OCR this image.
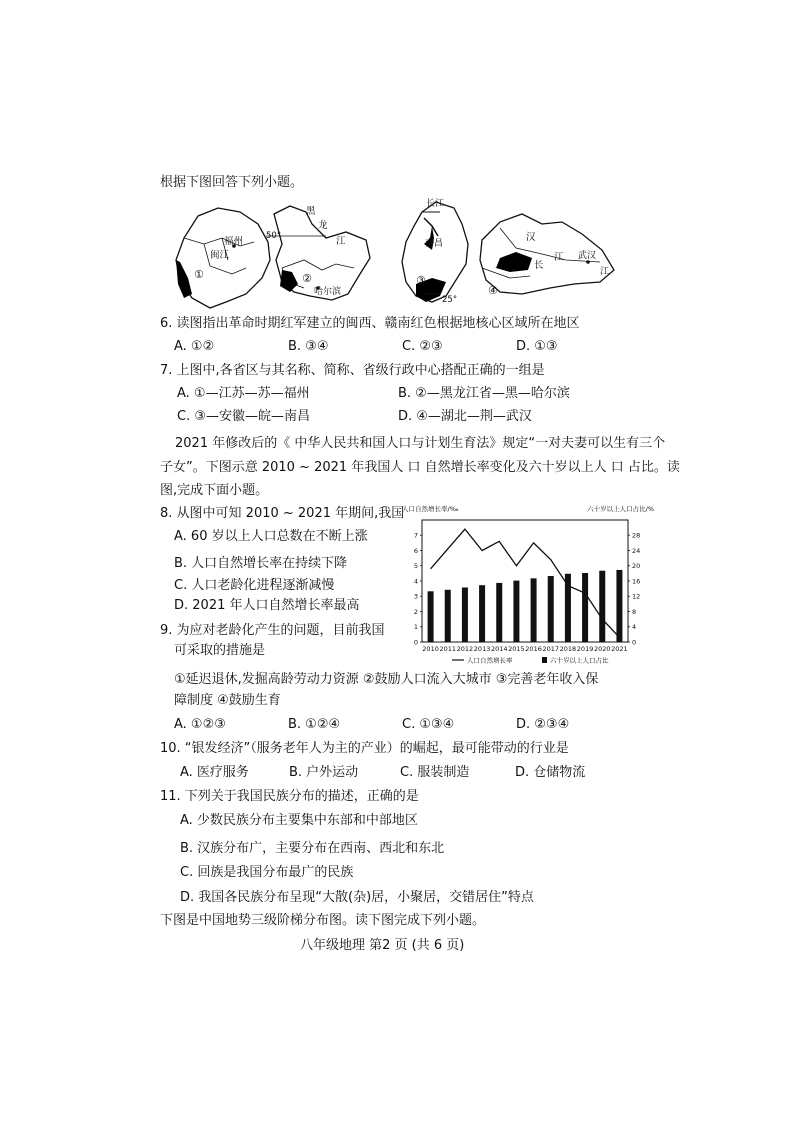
根据下图回答下列小题。
福州
闽江
①
50°
黑
龙
江
哈尔滨
②
长江
南昌
③
25°
汉
长
江 武汉
江
④
6. 读图指出革命时期红军建立的闽西、赣南红色根据地核心区域所在地区
A. ①②	B. ③④	C. ②③	D. ①③
7. 上图中,各省区与其名称、简称、省级行政中心搭配正确的一组是
A. ①—江苏—苏—福州	B. ②—黑龙江省—黑—哈尔滨
C. ③—安徽—皖—南昌	D. ④—湖北—荆—武汉
2021 年修改后的《 中华人民共和国人口与计划生育法》规定“一对夫妻可以生有三个
子女”。下图示意 2010 ~ 2021 年我国人 口 自然增长率变化及六十岁以上人 口 占比。读
图,完成下面小题。
8. 从图中可知 2010 ~ 2021 年期间,我国
A. 60 岁以上人口总数在不断上涨
B. 人口自然增长率在持续下降
C. 人口老龄化进程逐渐减慢
D. 2021 年人口自然增长率最高
9. 为应对老龄化产生的问题，目前我国
可采取的措施是
①延迟退休,发掘高龄劳动力资源 ②鼓励人口流入大城市 ③完善老年收入保
障制度 ④鼓励生育
A. ①②③	B. ①②④	C. ①③④	D. ②③④
10. “银发经济”（服务老年人为主的产业）的崛起，最可能带动的行业是
A. 医疗服务	B. 户外运动	C. 服装制造	D. 仓储物流
11. 下列关于我国民族分布的描述，正确的是
A. 少数民族分布主要集中东部和中部地区
B. 汉族分布广，主要分布在西南、西北和东北
C. 回族是我国分布最广的民族
D. 我国各民族分布呈现“大散(杂)居，小聚居，交错居住”特点
下图是中国地势三级阶梯分布图。读下图完成下列小题。
八年级地理 第2 页 (共 6 页)
人口自然增长率/‰	六十岁以上人口占比/%
0
1
2
3
4
5
6
7
0
4
8
12
16
20
24
28
2010 2011 2012 2013 2014 2015 2016 2017 2018 2019 2020 2021
人口自然增长率	六十岁以上人口占比
